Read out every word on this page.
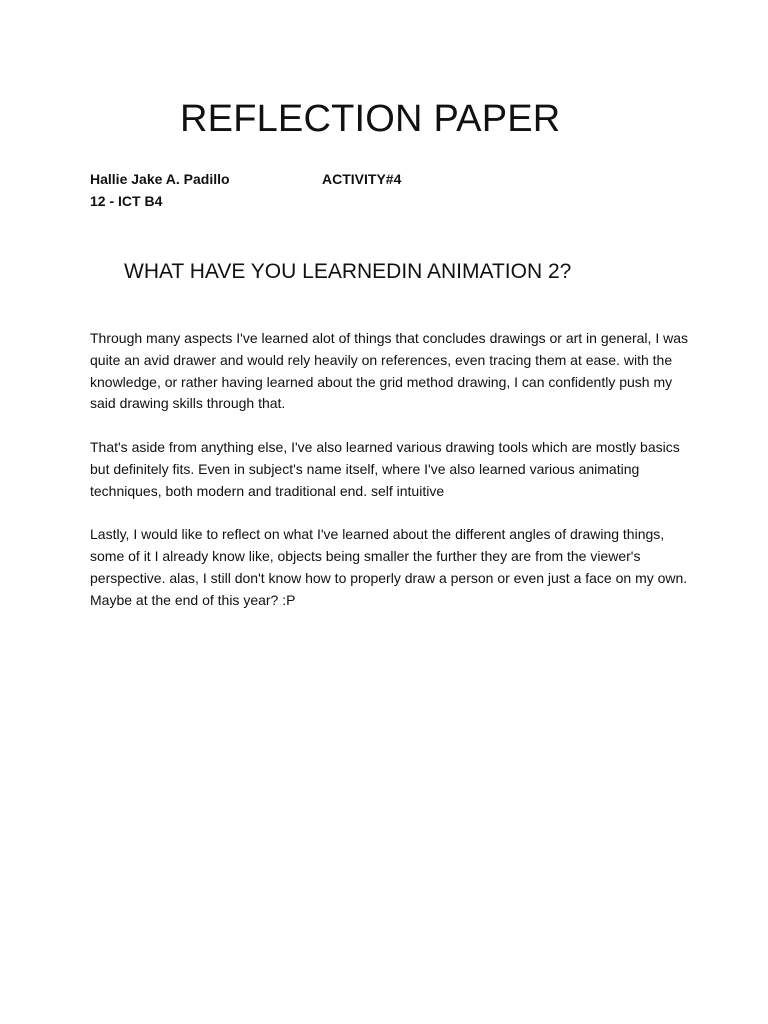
REFLECTION PAPER
Hallie Jake A. Padillo	ACTIVITY#4
12 - ICT B4
WHAT HAVE YOU LEARNEDIN ANIMATION 2?

Through many aspects I've learned alot of things that concludes drawings or art in general, I was quite an avid drawer and would rely heavily on references, even tracing them at ease. with the knowledge, or rather having learned about the grid method drawing, I can confidently push my said drawing skills through that.

That's aside from anything else, I've also learned various drawing tools which are mostly basics but definitely fits. Even in subject's name itself, where I've also learned various animating techniques, both modern and traditional end. self intuitive

Lastly, I would like to reflect on what I've learned about the different angles of drawing things, some of it I already know like, objects being smaller the further they are from the viewer's perspective. alas, I still don't know how to properly draw a person or even just a face on my own. Maybe at the end of this year? :P
